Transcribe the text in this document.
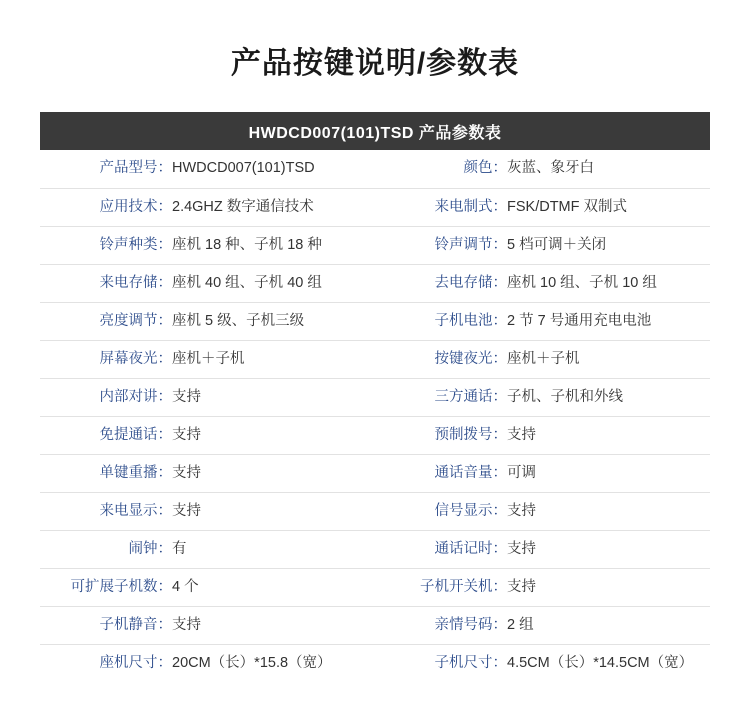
产品按键说明/参数表
HWDCD007(101)TSD 产品参数表
产品型号：	HWDCD007(101)TSD	颜色：	灰蓝、象牙白
应用技术：	2.4GHZ 数字通信技术	来电制式：	FSK/DTMF 双制式
铃声种类：	座机 18 种、子机 18 种	铃声调节：	5 档可调＋关闭
来电存储：	座机 40 组、子机 40 组	去电存储：	座机 10 组、子机 10 组
亮度调节：	座机 5 级、子机三级	子机电池：	2 节 7 号通用充电电池
屏幕夜光：	座机＋子机	按键夜光：	座机＋子机
内部对讲：	支持	三方通话：	子机、子机和外线
免提通话：	支持	预制拨号：	支持
单键重播：	支持	通话音量：	可调
来电显示：	支持	信号显示：	支持
闹钟：	有	通话记时：	支持
可扩展子机数：	4 个	子机开关机：	支持
子机静音：	支持	亲情号码：	2 组
座机尺寸：	20CM（长）*15.8（宽）	子机尺寸：	4.5CM（长）*14.5CM（宽）
